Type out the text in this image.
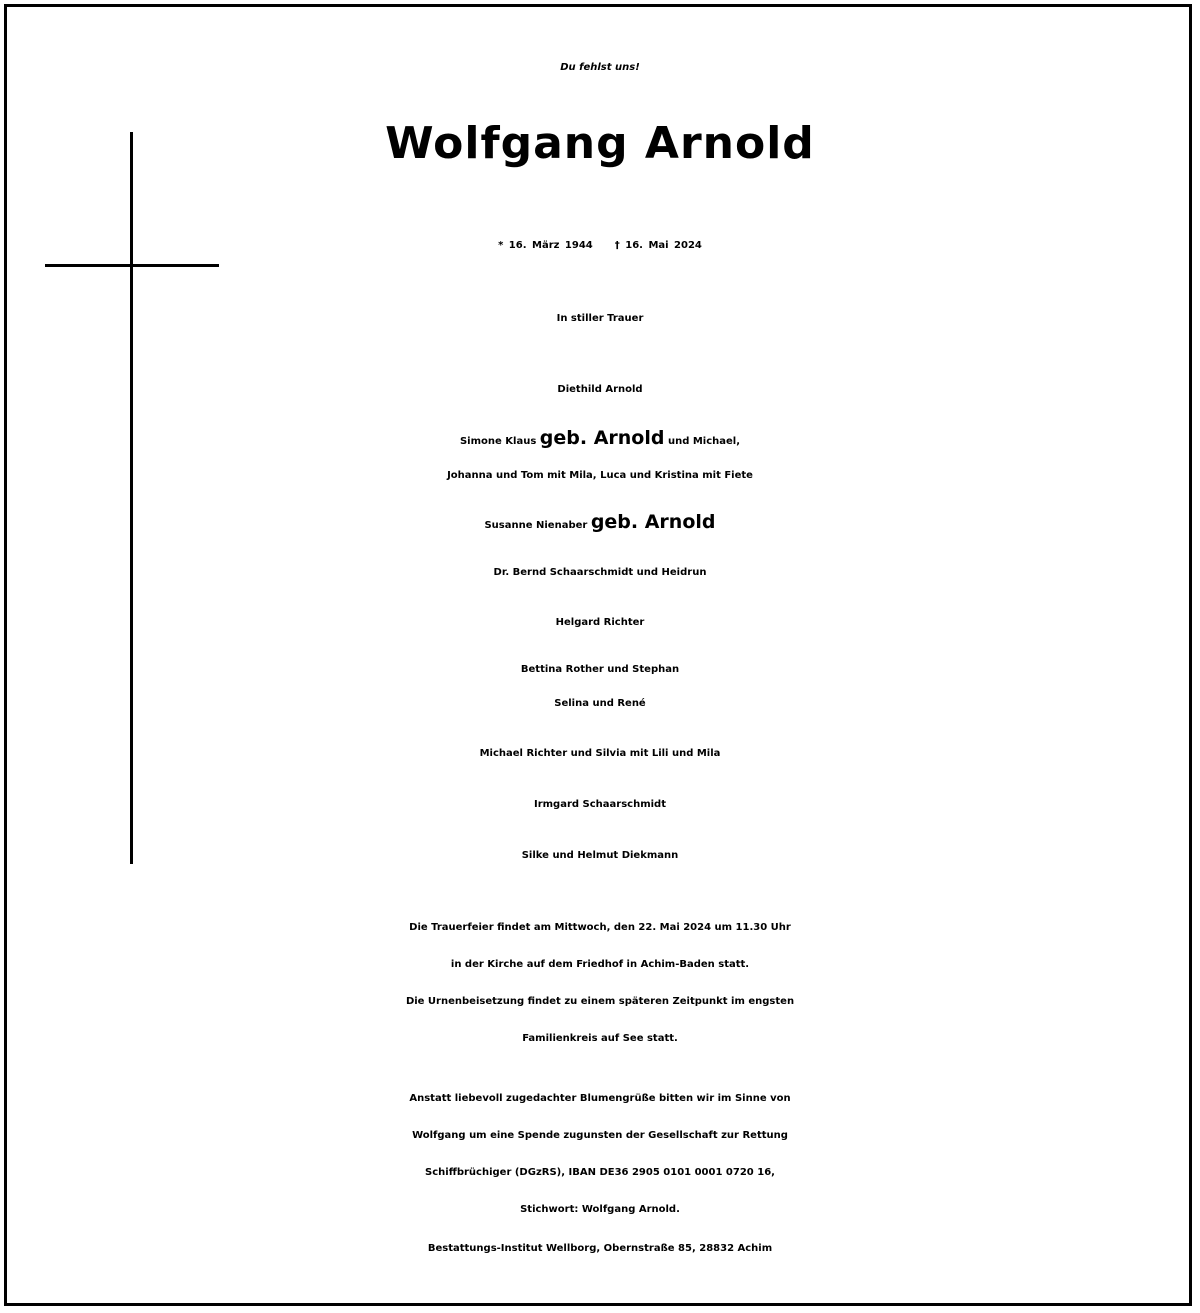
Du fehlst uns!
Wolfgang Arnold
* 16. März 1944 † 16. Mai 2024
In stiller Trauer
Diethild Arnold
Simone Klaus geb. Arnold und Michael,
Johanna und Tom mit Mila, Luca und Kristina mit Fiete
Susanne Nienaber geb. Arnold
Dr. Bernd Schaarschmidt und Heidrun
Helgard Richter
Bettina Rother und Stephan
Selina und René
Michael Richter und Silvia mit Lili und Mila
Irmgard Schaarschmidt
Silke und Helmut Diekmann
Die Trauerfeier findet am Mittwoch, den 22. Mai 2024 um 11.30 Uhr
in der Kirche auf dem Friedhof in Achim-Baden statt.
Die Urnenbeisetzung findet zu einem späteren Zeitpunkt im engsten
Familienkreis auf See statt.
Anstatt liebevoll zugedachter Blumengrüße bitten wir im Sinne von
Wolfgang um eine Spende zugunsten der Gesellschaft zur Rettung
Schiffbrüchiger (DGzRS), IBAN DE36 2905 0101 0001 0720 16,
Stichwort: Wolfgang Arnold.
Bestattungs-Institut Wellborg, Obernstraße 85, 28832 Achim
